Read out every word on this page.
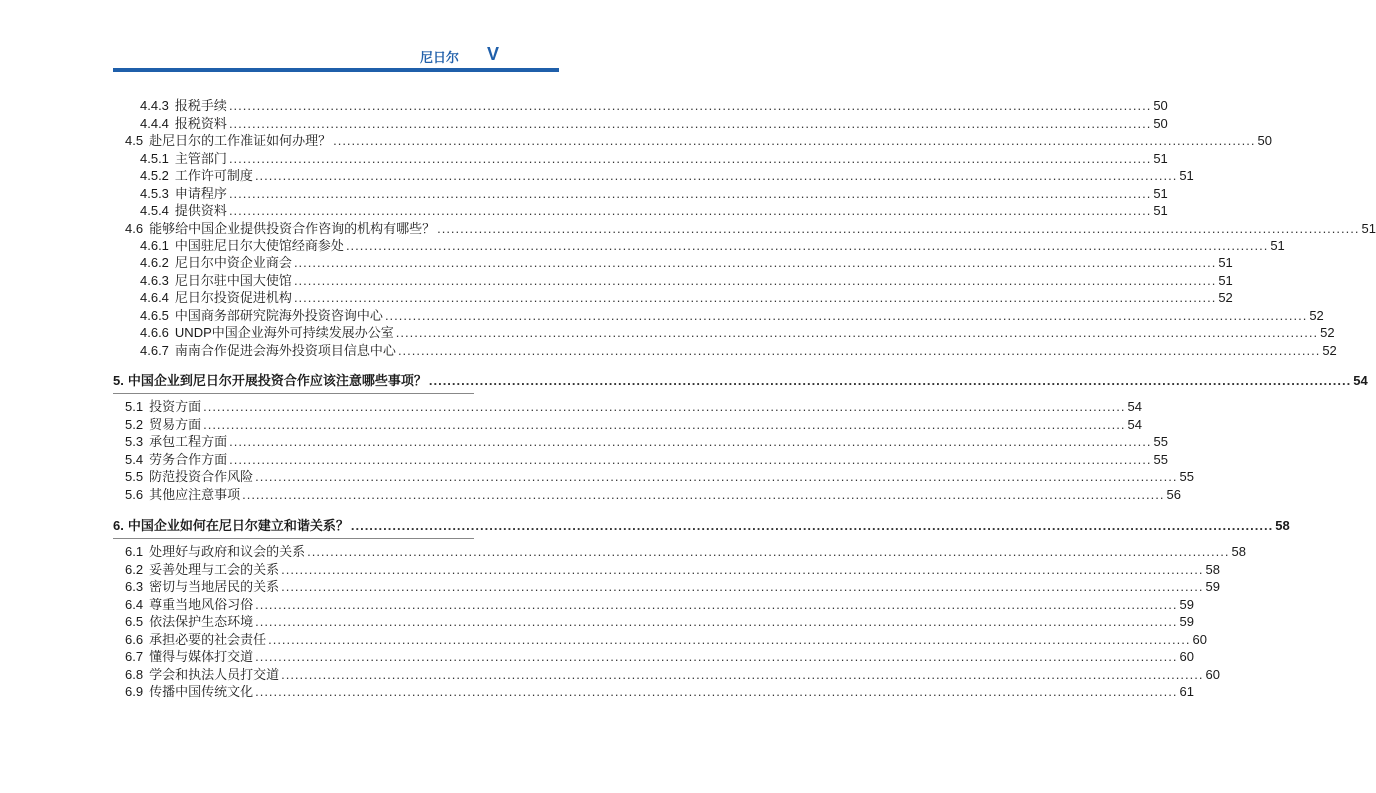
尼日尔 V
4.4.3 报税手续 ........................................................................................................................................................................................................ 50
4.4.4 报税资料 ........................................................................................................................................................................................................ 50
4.5 赴尼日尔的工作准证如何办理？ ........................................................................................................................................................................................................ 50
4.5.1 主管部门 ........................................................................................................................................................................................................ 51
4.5.2 工作许可制度 ........................................................................................................................................................................................................ 51
4.5.3 申请程序 ........................................................................................................................................................................................................ 51
4.5.4 提供资料 ........................................................................................................................................................................................................ 51
4.6 能够给中国企业提供投资合作咨询的机构有哪些？ ........................................................................................................................................................................................................ 51
4.6.1 中国驻尼日尔大使馆经商参处 ........................................................................................................................................................................................................ 51
4.6.2 尼日尔中资企业商会 ........................................................................................................................................................................................................ 51
4.6.3 尼日尔驻中国大使馆 ........................................................................................................................................................................................................ 51
4.6.4 尼日尔投资促进机构 ........................................................................................................................................................................................................ 52
4.6.5 中国商务部研究院海外投资咨询中心 ........................................................................................................................................................................................................ 52
4.6.6 UNDP中国企业海外可持续发展办公室 ........................................................................................................................................................................................................ 52
4.6.7 南南合作促进会海外投资项目信息中心 ........................................................................................................................................................................................................ 52
5. 中国企业到尼日尔开展投资合作应该注意哪些事项？ ........................................................................................................................................................................................................ 54
5.1 投资方面 ........................................................................................................................................................................................................ 54
5.2 贸易方面 ........................................................................................................................................................................................................ 54
5.3 承包工程方面 ........................................................................................................................................................................................................ 55
5.4 劳务合作方面 ........................................................................................................................................................................................................ 55
5.5 防范投资合作风险 ........................................................................................................................................................................................................ 55
5.6 其他应注意事项 ........................................................................................................................................................................................................ 56
6. 中国企业如何在尼日尔建立和谐关系？ ........................................................................................................................................................................................................ 58
6.1 处理好与政府和议会的关系 ........................................................................................................................................................................................................ 58
6.2 妥善处理与工会的关系 ........................................................................................................................................................................................................ 58
6.3 密切与当地居民的关系 ........................................................................................................................................................................................................ 59
6.4 尊重当地风俗习俗 ........................................................................................................................................................................................................ 59
6.5 依法保护生态环境 ........................................................................................................................................................................................................ 59
6.6 承担必要的社会责任 ........................................................................................................................................................................................................ 60
6.7 懂得与媒体打交道 ........................................................................................................................................................................................................ 60
6.8 学会和执法人员打交道 ........................................................................................................................................................................................................ 60
6.9 传播中国传统文化 ........................................................................................................................................................................................................ 61
